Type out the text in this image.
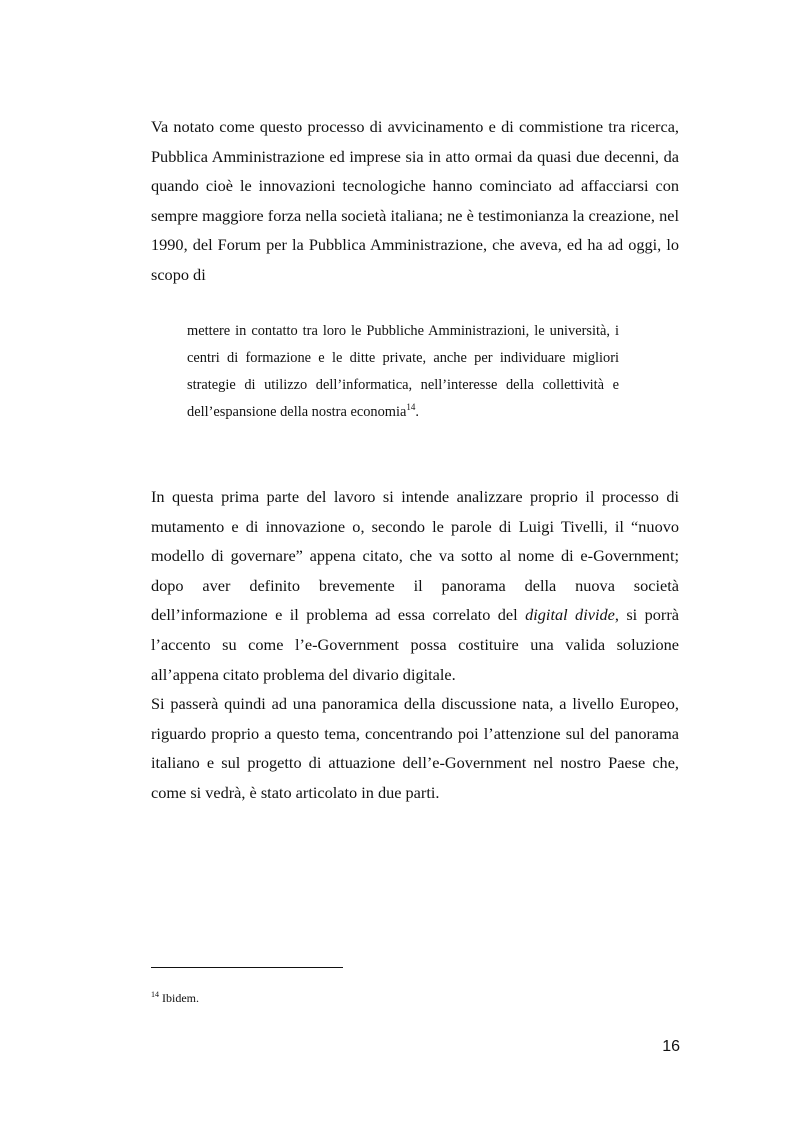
Va notato come questo processo di avvicinamento e di commistione tra ricerca, Pubblica Amministrazione ed imprese sia in atto ormai da quasi due decenni, da quando cioè le innovazioni tecnologiche hanno cominciato ad affacciarsi con sempre maggiore forza nella società italiana; ne è testimonianza la creazione, nel 1990, del Forum per la Pubblica Amministrazione, che aveva, ed ha ad oggi, lo scopo di

mettere in contatto tra loro le Pubbliche Amministrazioni, le università, i centri di formazione e le ditte private, anche per individuare migliori strategie di utilizzo dell’informatica, nell’interesse della collettività e dell’espansione della nostra economia$^{14}$.

In questa prima parte del lavoro si intende analizzare proprio il processo di mutamento e di innovazione o, secondo le parole di Luigi Tivelli, il “nuovo modello di governare” appena citato, che va sotto al nome di e-Government; dopo aver definito brevemente il panorama della nuova società dell’informazione e il problema ad essa correlato del digital divide, si porrà l’accento su come l’e-Government possa costituire una valida soluzione all’appena citato problema del divario digitale.

Si passerà quindi ad una panoramica della discussione nata, a livello Europeo, riguardo proprio a questo tema, concentrando poi l’attenzione sul del panorama italiano e sul progetto di attuazione dell’e-Government nel nostro Paese che, come si vedrà, è stato articolato in due parti.

$^{14}$ Ibidem.
16
